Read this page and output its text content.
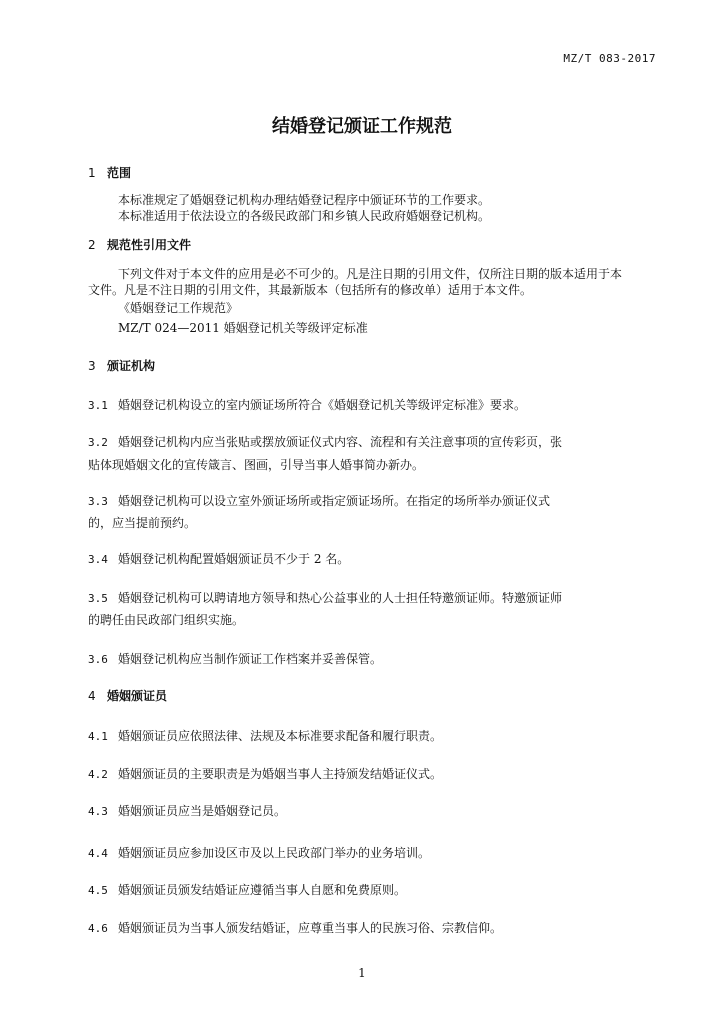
MZ/T 083-2017
结婚登记颁证工作规范
1 范围
本标准规定了婚姻登记机构办理结婚登记程序中颁证环节的工作要求。
本标准适用于依法设立的各级民政部门和乡镇人民政府婚姻登记机构。
2 规范性引用文件
下列文件对于本文件的应用是必不可少的。凡是注日期的引用文件，仅所注日期的版本适用于本
文件。凡是不注日期的引用文件，其最新版本（包括所有的修改单）适用于本文件。
《婚姻登记工作规范》
MZ/T 024—2011 婚姻登记机关等级评定标准
3 颁证机构
3.1 婚姻登记机构设立的室内颁证场所符合《婚姻登记机关等级评定标准》要求。
3.2 婚姻登记机构内应当张贴或摆放颁证仪式内容、流程和有关注意事项的宣传彩页，张
贴体现婚姻文化的宣传箴言、图画，引导当事人婚事简办新办。
3.3 婚姻登记机构可以设立室外颁证场所或指定颁证场所。在指定的场所举办颁证仪式
的，应当提前预约。
3.4 婚姻登记机构配置婚姻颁证员不少于 2 名。
3.5 婚姻登记机构可以聘请地方领导和热心公益事业的人士担任特邀颁证师。特邀颁证师
的聘任由民政部门组织实施。
3.6 婚姻登记机构应当制作颁证工作档案并妥善保管。
4 婚姻颁证员
4.1 婚姻颁证员应依照法律、法规及本标准要求配备和履行职责。
4.2 婚姻颁证员的主要职责是为婚姻当事人主持颁发结婚证仪式。
4.3 婚姻颁证员应当是婚姻登记员。
4.4 婚姻颁证员应参加设区市及以上民政部门举办的业务培训。
4.5 婚姻颁证员颁发结婚证应遵循当事人自愿和免费原则。
4.6 婚姻颁证员为当事人颁发结婚证，应尊重当事人的民族习俗、宗教信仰。
1
